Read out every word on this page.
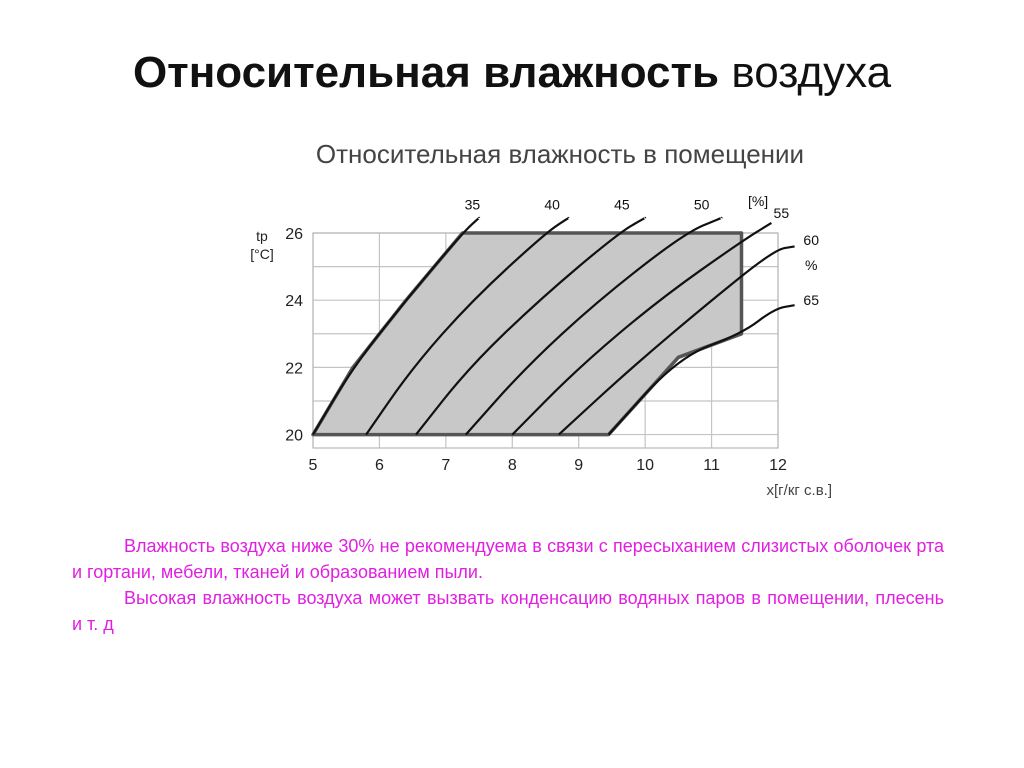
Относительная влажность воздуха
Относительная влажность в помещении
5	6	7	8	9	10	11	12
20
22
24
26
tp
[°C]
x[г/кг с.в.]
35	40	45	50	[%]
55
60
%
65

Влажность воздуха ниже 30% не рекомендуема в связи с пересыханием слизистых оболочек рта и гортани, мебели, тканей и образованием пыли.

Высокая влажность воздуха может вызвать конденсацию водяных паров в помещении, плесень и т. д
